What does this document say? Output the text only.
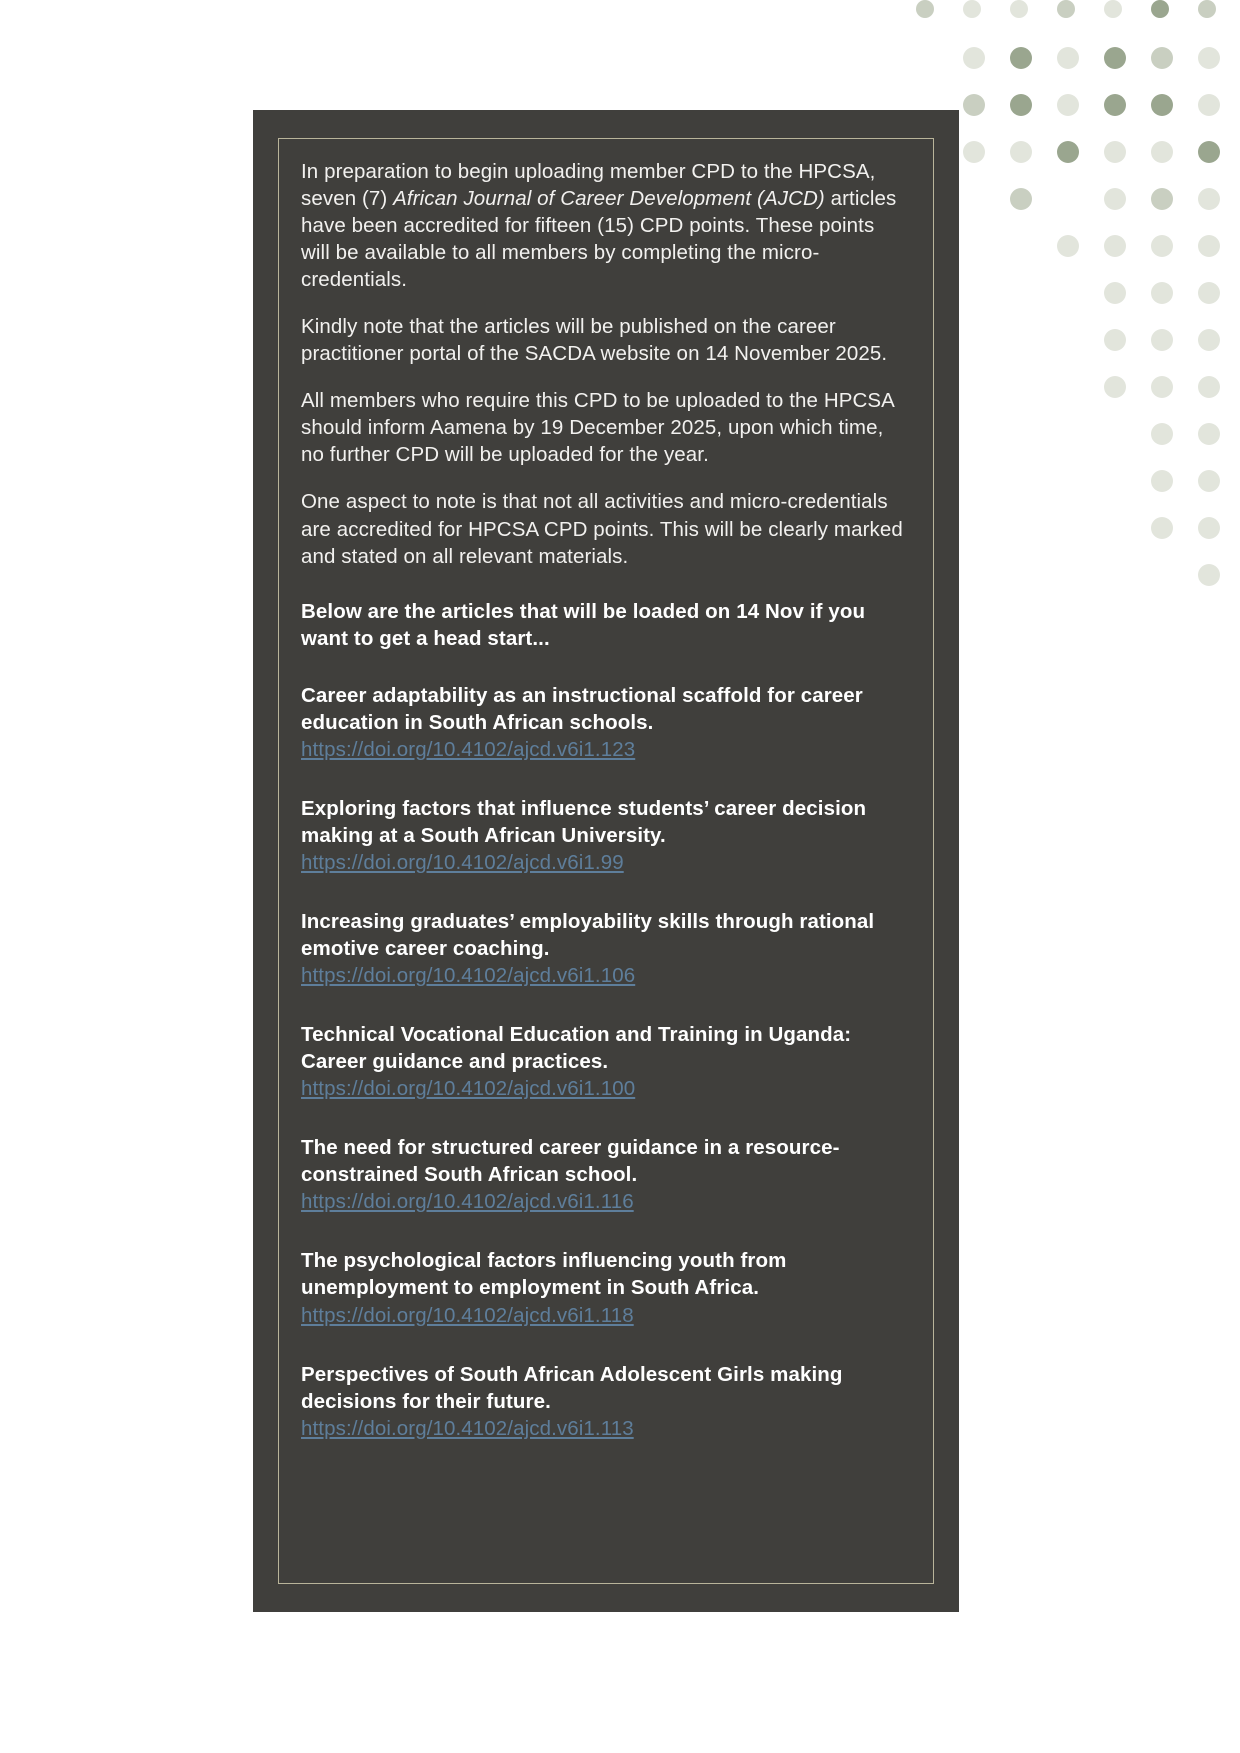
In preparation to begin uploading member CPD to the HPCSA, seven (7) African Journal of Career Development (AJCD) articles have been accredited for fifteen (15) CPD points. These points will be available to all members by completing the micro-credentials.

Kindly note that the articles will be published on the career practitioner portal of the SACDA website on 14 November 2025.

All members who require this CPD to be uploaded to the HPCSA should inform Aamena by 19 December 2025, upon which time, no further CPD will be uploaded for the year.

One aspect to note is that not all activities and micro-credentials are accredited for HPCSA CPD points. This will be clearly marked and stated on all relevant materials.

Below are the articles that will be loaded on 14 Nov if you want to get a head start...

Career adaptability as an instructional scaffold for career education in South African schools.
https://doi.org/10.4102/ajcd.v6i1.123
Exploring factors that influence students’ career decision making at a South African University.
https://doi.org/10.4102/ajcd.v6i1.99
Increasing graduates’ employability skills through rational emotive career coaching.
https://doi.org/10.4102/ajcd.v6i1.106
Technical Vocational Education and Training in Uganda: Career guidance and practices.
https://doi.org/10.4102/ajcd.v6i1.100
The need for structured career guidance in a resource-constrained South African school.
https://doi.org/10.4102/ajcd.v6i1.116
The psychological factors influencing youth from unemployment to employment in South Africa.
https://doi.org/10.4102/ajcd.v6i1.118
Perspectives of South African Adolescent Girls making decisions for their future.
https://doi.org/10.4102/ajcd.v6i1.113
